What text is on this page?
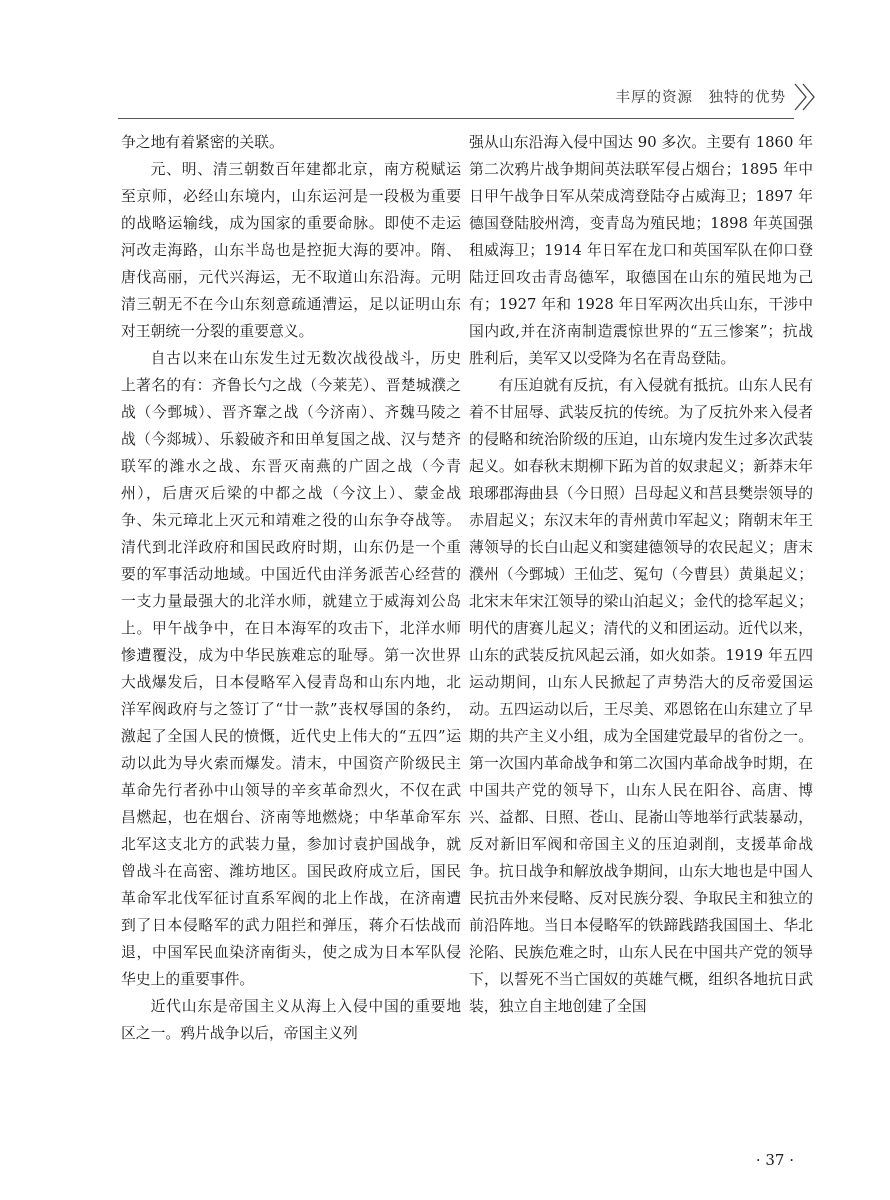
丰厚的资源　独特的优势

争之地有着紧密的关联。

元、明、清三朝数百年建都北京，南方税赋运至京师，必经山东境内，山东运河是一段极为重要的战略运输线，成为国家的重要命脉。即使不走运河改走海路，山东半岛也是控扼大海的要冲。隋、唐伐高丽，元代兴海运，无不取道山东沿海。元明清三朝无不在今山东刻意疏通漕运，足以证明山东对王朝统一分裂的重要意义。

自古以来在山东发生过无数次战役战斗，历史上著名的有：齐鲁长勺之战（今莱芜）、晋楚城濮之战（今鄄城）、晋齐鞌之战（今济南）、齐魏马陵之战（今郯城）、乐毅破齐和田单复国之战、汉与楚齐联军的潍水之战、东晋灭南燕的广固之战（今青州），后唐灭后梁的中都之战（今汶上）、蒙金战争、朱元璋北上灭元和靖难之役的山东争夺战等。清代到北洋政府和国民政府时期，山东仍是一个重要的军事活动地域。中国近代由洋务派苦心经营的一支力量最强大的北洋水师，就建立于威海刘公岛上。甲午战争中，在日本海军的攻击下，北洋水师惨遭覆没，成为中华民族难忘的耻辱。第一次世界大战爆发后，日本侵略军入侵青岛和山东内地，北洋军阀政府与之签订了“廿一款”丧权辱国的条约，激起了全国人民的愤慨，近代史上伟大的“五四”运动以此为导火索而爆发。清末，中国资产阶级民主革命先行者孙中山领导的辛亥革命烈火，不仅在武昌燃起，也在烟台、济南等地燃烧；中华革命军东北军这支北方的武装力量，参加讨袁护国战争，就曾战斗在高密、潍坊地区。国民政府成立后，国民革命军北伐军征讨直系军阀的北上作战，在济南遭到了日本侵略军的武力阻拦和弹压，蒋介石怯战而退，中国军民血染济南街头，使之成为日本军队侵华史上的重要事件。

近代山东是帝国主义从海上入侵中国的重要地区之一。鸦片战争以后，帝国主义列

强从山东沿海入侵中国达 90 多次。主要有 1860 年第二次鸦片战争期间英法联军侵占烟台；1895 年中日甲午战争日军从荣成湾登陆夺占威海卫；1897 年德国登陆胶州湾，变青岛为殖民地；1898 年英国强租威海卫；1914 年日军在龙口和英国军队在仰口登陆迂回攻击青岛德军，取德国在山东的殖民地为己有；1927 年和 1928 年日军两次出兵山东，干涉中国内政,并在济南制造震惊世界的“五三惨案”；抗战胜利后，美军又以受降为名在青岛登陆。

有压迫就有反抗，有入侵就有抵抗。山东人民有着不甘屈辱、武装反抗的传统。为了反抗外来入侵者的侵略和统治阶级的压迫，山东境内发生过多次武装起义。如春秋末期柳下跖为首的奴隶起义；新莽末年琅琊郡海曲县（今日照）吕母起义和莒县樊崇领导的赤眉起义；东汉末年的青州黄巾军起义；隋朝末年王薄领导的长白山起义和窦建德领导的农民起义；唐末濮州（今鄄城）王仙芝、冤句（今曹县）黄巢起义；北宋末年宋江领导的梁山泊起义；金代的捻军起义；明代的唐赛儿起义；清代的义和团运动。近代以来，山东的武装反抗风起云涌，如火如荼。1919 年五四运动期间，山东人民掀起了声势浩大的反帝爱国运动。五四运动以后，王尽美、邓恩铭在山东建立了早期的共产主义小组，成为全国建党最早的省份之一。第一次国内革命战争和第二次国内革命战争时期，在中国共产党的领导下，山东人民在阳谷、高唐、博兴、益都、日照、苍山、昆嵛山等地举行武装暴动，反对新旧军阀和帝国主义的压迫剥削，支援革命战争。抗日战争和解放战争期间，山东大地也是中国人民抗击外来侵略、反对民族分裂、争取民主和独立的前沿阵地。当日本侵略军的铁蹄践踏我国国土、华北沦陷、民族危难之时，山东人民在中国共产党的领导下，以誓死不当亡国奴的英雄气概，组织各地抗日武装，独立自主地创建了全国

· 37 ·
